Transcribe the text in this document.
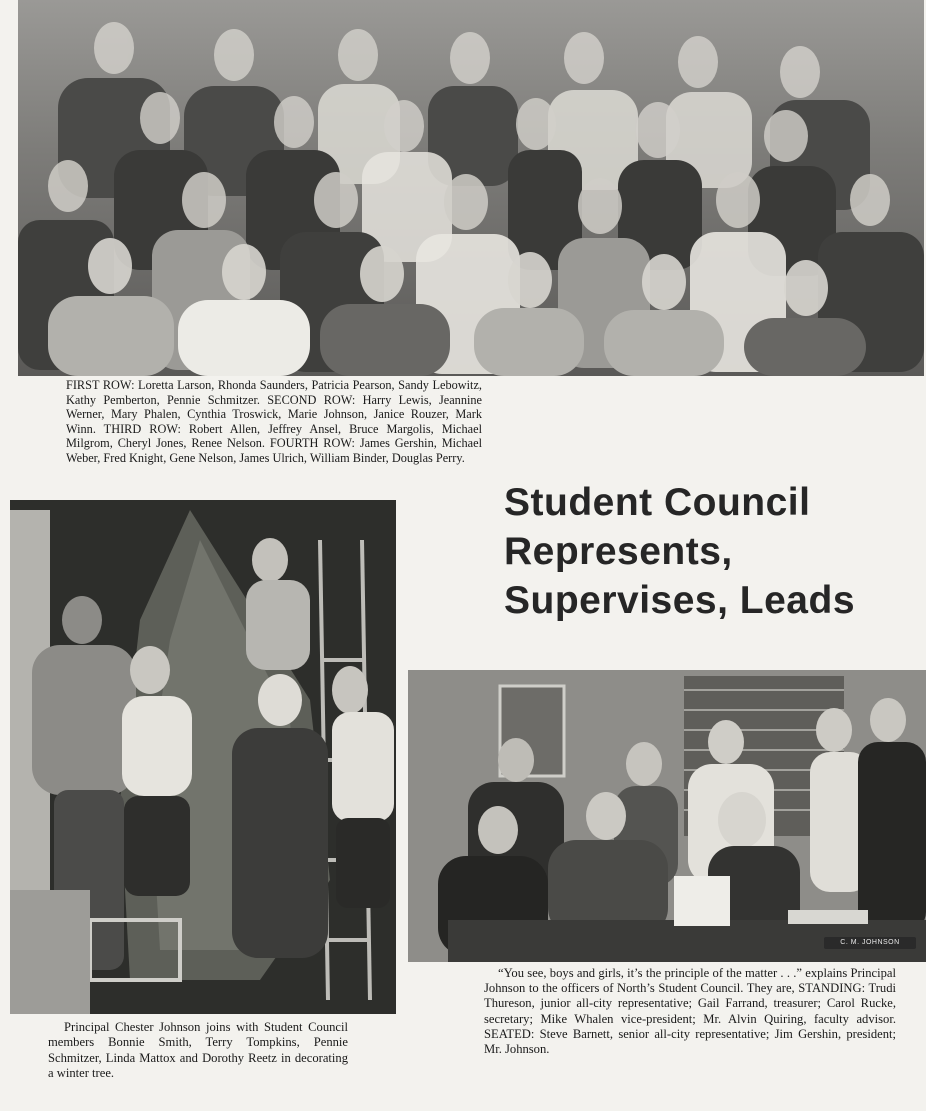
FIRST ROW: Loretta Larson, Rhonda Saunders, Patricia Pearson, Sandy Lebowitz, Kathy Pemberton, Pennie Schmitzer. SECOND ROW: Harry Lewis, Jeannine Werner, Mary Phalen, Cynthia Troswick, Marie Johnson, Janice Rouzer, Mark Winn. THIRD ROW: Robert Allen, Jeffrey Ansel, Bruce Margolis, Michael Milgrom, Cheryl Jones, Renee Nelson. FOURTH ROW: James Gershin, Michael Weber, Fred Knight, Gene Nelson, James Ulrich, William Binder, Douglas Perry.

Student Council
Represents,
Supervises, Leads

Principal Chester Johnson joins with Student Council members Bonnie Smith, Terry Tompkins, Pennie Schmitzer, Linda Mattox and Dorothy Reetz in decorating a winter tree.

C. M. JOHNSON

“You see, boys and girls, it’s the principle of the matter . . .” explains Principal Johnson to the officers of North’s Student Council. They are, STANDING: Trudi Thureson, junior all-city representative; Gail Farrand, treasurer; Carol Rucke, secretary; Mike Whalen vice-president; Mr. Alvin Quiring, faculty advisor. SEATED: Steve Barnett, senior all-city representative; Jim Gershin, president; Mr. Johnson.
